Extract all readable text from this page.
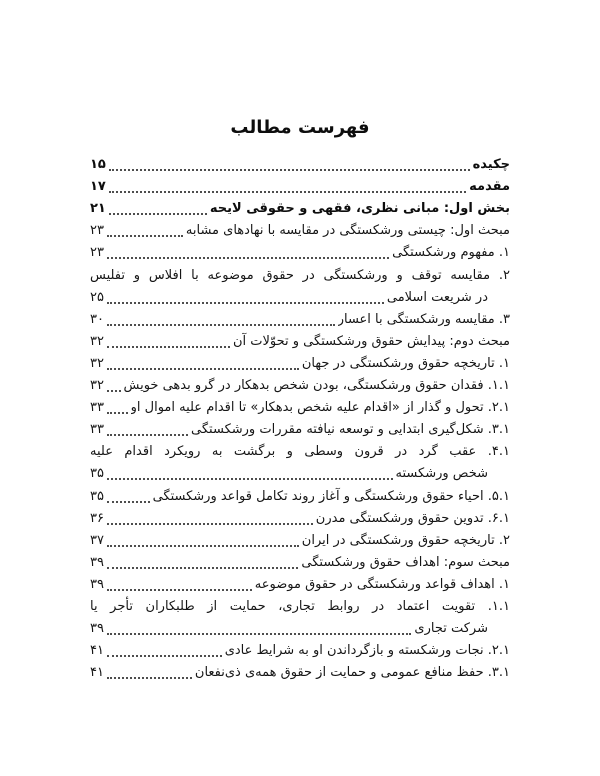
فهرست مطالب
چکیده
۱۵
مقدمه
۱۷
بخش اول: مبانی نظری، فقهی و حقوقی لایحه
۲۱
مبحث اول: چیستی ورشکستگی در مقایسه با نهادهای مشابه
۲۳
۱. مفهوم ورشکستگی
۲۳
۲. مقایسه توقف و ورشکستگی در حقوق موضوعه با افلاس و تفلیس
در شریعت اسلامی
۲۵
۳. مقایسه ورشکستگی با اعسار
۳۰
مبحث دوم: پیدایش حقوق ورشکستگی و تحوّلات آن
۳۲
۱. تاریخچه حقوق ورشکستگی در جهان
۳۲
۱.۱. فقدان حقوق ورشکستگی، بودن شخص بدهکار در گرو بدهی خویش
۳۲
۲.۱. تحول و گذار از «اقدام علیه شخص بدهکار» تا اقدام علیه اموال او
۳۳
۳.۱. شکل‌گیری ابتدایی و توسعه نیافته مقررات ورشکستگی
۳۳
۴.۱. عقب گرد در قرون وسطی و برگشت به رویکرد اقدام علیه
شخص ورشکسته
۳۵
۵.۱. احیاء حقوق ورشکستگی و آغاز روند تکامل قواعد ورشکستگی
۳۵
۶.۱. تدوین حقوق ورشکستگی مدرن
۳۶
۲. تاریخچه حقوق ورشکستگی در ایران
۳۷
مبحث سوم: اهداف حقوق ورشکستگی
۳۹
۱. اهداف قواعد ورشکستگی در حقوق موضوعه
۳۹
۱.۱. تقویت اعتماد در روابط تجاری، حمایت از طلبکاران تأجر یا
شرکت تجاری
۳۹
۲.۱. نجات ورشکسته و بازگرداندن او به شرایط عادی
۴۱
۳.۱. حفظ منافع عمومی و حمایت از حقوق همه‌ی ذی‌نفعان
۴۱
